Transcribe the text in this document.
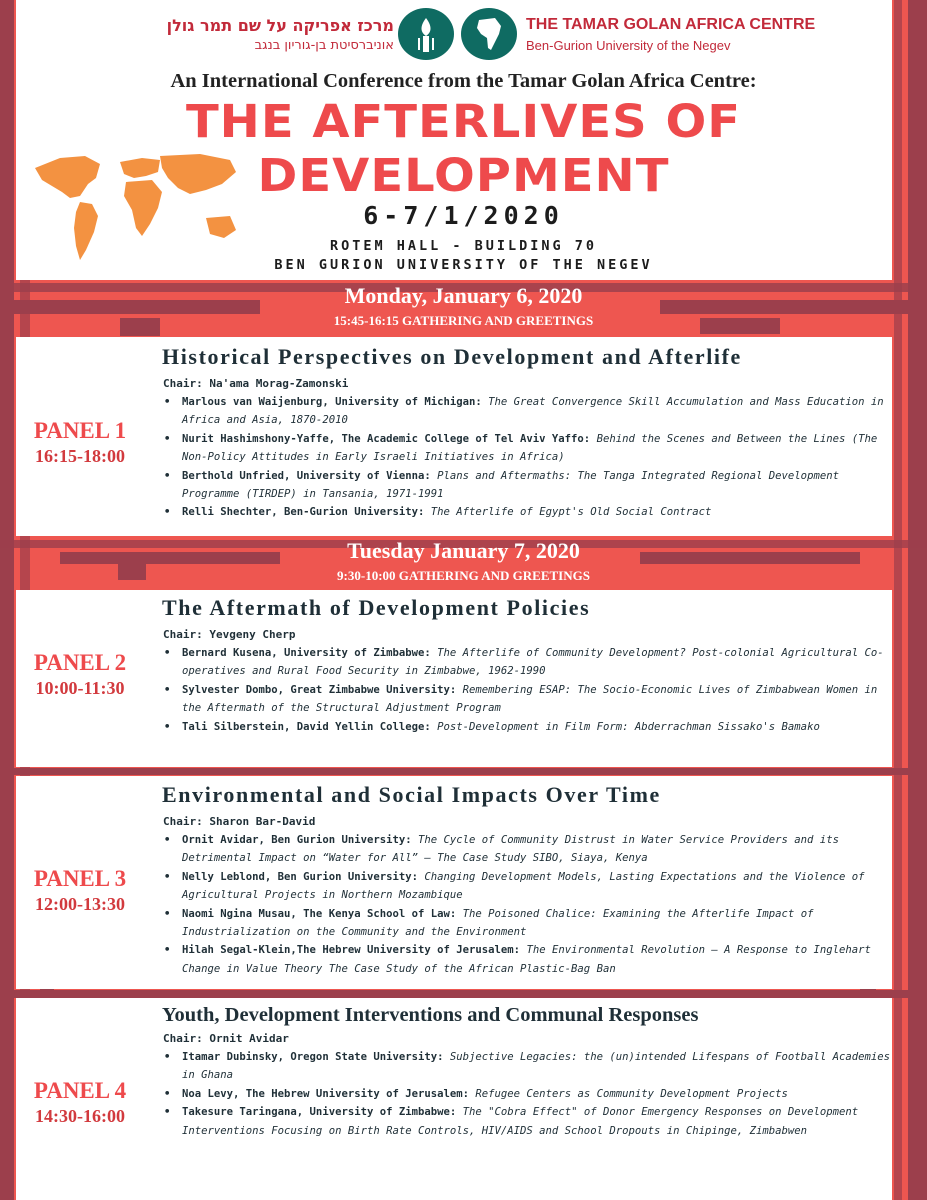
מרכז אפריקה על שם תמר גולן
אוניברסיטת בן-גוריון בנגב
THE TAMAR GOLAN AFRICA CENTRE
Ben-Gurion University of the Negev
An International Conference from the Tamar Golan Africa Centre:
THE AFTERLIVES OF
DEVELOPMENT
6-7/1/2020
ROTEM HALL - BUILDING 70
BEN GURION UNIVERSITY OF THE NEGEV
Monday, January 6, 2020
15:45-16:15 GATHERING AND GREETINGS
PANEL 1
16:15-18:00
Historical Perspectives on Development and Afterlife
Chair: Na'ama Morag-Zamonski
• Marlous van Waijenburg, University of Michigan: The Great Convergence Skill Accumulation and Mass Education in Africa and Asia, 1870-2010
• Nurit Hashimshony-Yaffe, The Academic College of Tel Aviv Yaffo: Behind the Scenes and Between the Lines (The Non-Policy Attitudes in Early Israeli Initiatives in Africa)
• Berthold Unfried, University of Vienna: Plans and Aftermaths: The Tanga Integrated Regional Development Programme (TIRDEP) in Tansania, 1971-1991
• Relli Shechter, Ben-Gurion University: The Afterlife of Egypt's Old Social Contract
Tuesday January 7, 2020
9:30-10:00 GATHERING AND GREETINGS
PANEL 2
10:00-11:30
The Aftermath of Development Policies
Chair: Yevgeny Cherp
• Bernard Kusena, University of Zimbabwe: The Afterlife of Community Development? Post-colonial Agricultural Co-operatives and Rural Food Security in Zimbabwe, 1962-1990
• Sylvester Dombo, Great Zimbabwe University: Remembering ESAP: The Socio-Economic Lives of Zimbabwean Women in the Aftermath of the Structural Adjustment Program
• Tali Silberstein, David Yellin College: Post-Development in Film Form: Abderrachman Sissako's Bamako
PANEL 3
12:00-13:30
Environmental and Social Impacts Over Time
Chair: Sharon Bar-David
• Ornit Avidar, Ben Gurion University: The Cycle of Community Distrust in Water Service Providers and its Detrimental Impact on “Water for All” – The Case Study SIBO, Siaya, Kenya
• Nelly Leblond, Ben Gurion University: Changing Development Models, Lasting Expectations and the Violence of Agricultural Projects in Northern Mozambique
• Naomi Ngina Musau, The Kenya School of Law: The Poisoned Chalice: Examining the Afterlife Impact of Industrialization on the Community and the Environment
• Hilah Segal-Klein,The Hebrew University of Jerusalem: The Environmental Revolution – A Response to Inglehart Change in Value Theory The Case Study of the African Plastic-Bag Ban
PANEL 4
14:30-16:00
Youth, Development Interventions and Communal Responses
Chair: Ornit Avidar
• Itamar Dubinsky, Oregon State University: Subjective Legacies: the (un)intended Lifespans of Football Academies in Ghana
• Noa Levy, The Hebrew University of Jerusalem: Refugee Centers as Community Development Projects
• Takesure Taringana, University of Zimbabwe: The "Cobra Effect" of Donor Emergency Responses on Development Interventions Focusing on Birth Rate Controls, HIV/AIDS and School Dropouts in Chipinge, Zimbabwen
